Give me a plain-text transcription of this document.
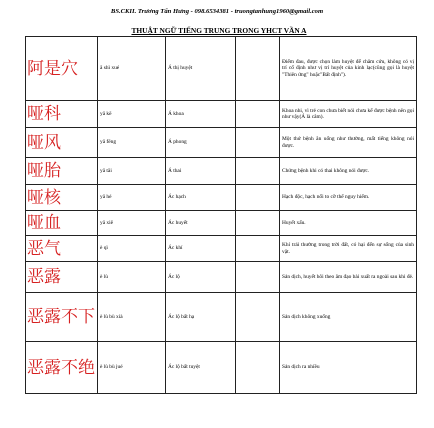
BS.CKII. Trương Tấn Hưng - 098.6534381 - truongtanhung1960@gmail.com
THUẬT NGỮ TIẾNG TRUNG TRONG YHCT VẦN A
阿是穴	ā shì xué	Á thị huyệt		Điểm đau, được chọn làm huyệt để châm cứu, không có vị trí cố định như vị trí huyệt của kinh lạc(cũng gọi là huyệt "Thiên ứng" hoặc"Bất định").
哑科	yā kē	Á khoa		Khoa nhi, vì trẻ con chưa biết nói chưa kể được bệnh nên gọi như vậy(Á là câm).
哑风	yā fēng	Á phong		Một thứ bệnh ăn uống như thường, mất tiếng không nói được.
哑胎	yā tāi	Á thai		Chứng bệnh khi có thai không nói được.
哑核	yā hé	Ác hạch		Hạch độc, hạch nổi to cỡ thể nguy hiểm.
哑血	yā xiě	Ác huyết		Huyết xấu.
恶气	è qì	Ác khí		Khí trái thường trong trời đất, có hại đến sự sống của sinh vật.
恶露	è lù	Ác lộ		Sản dịch, huyết hôi theo âm đạo bài xuất ra ngoài sau khi đẻ.
恶露不下	è lù bù xià	Ác lộ bất hạ		Sản dịch không xuống
恶露不绝	è lù bù jué	Ác lộ bất tuyệt		Sản dịch ra nhiều
